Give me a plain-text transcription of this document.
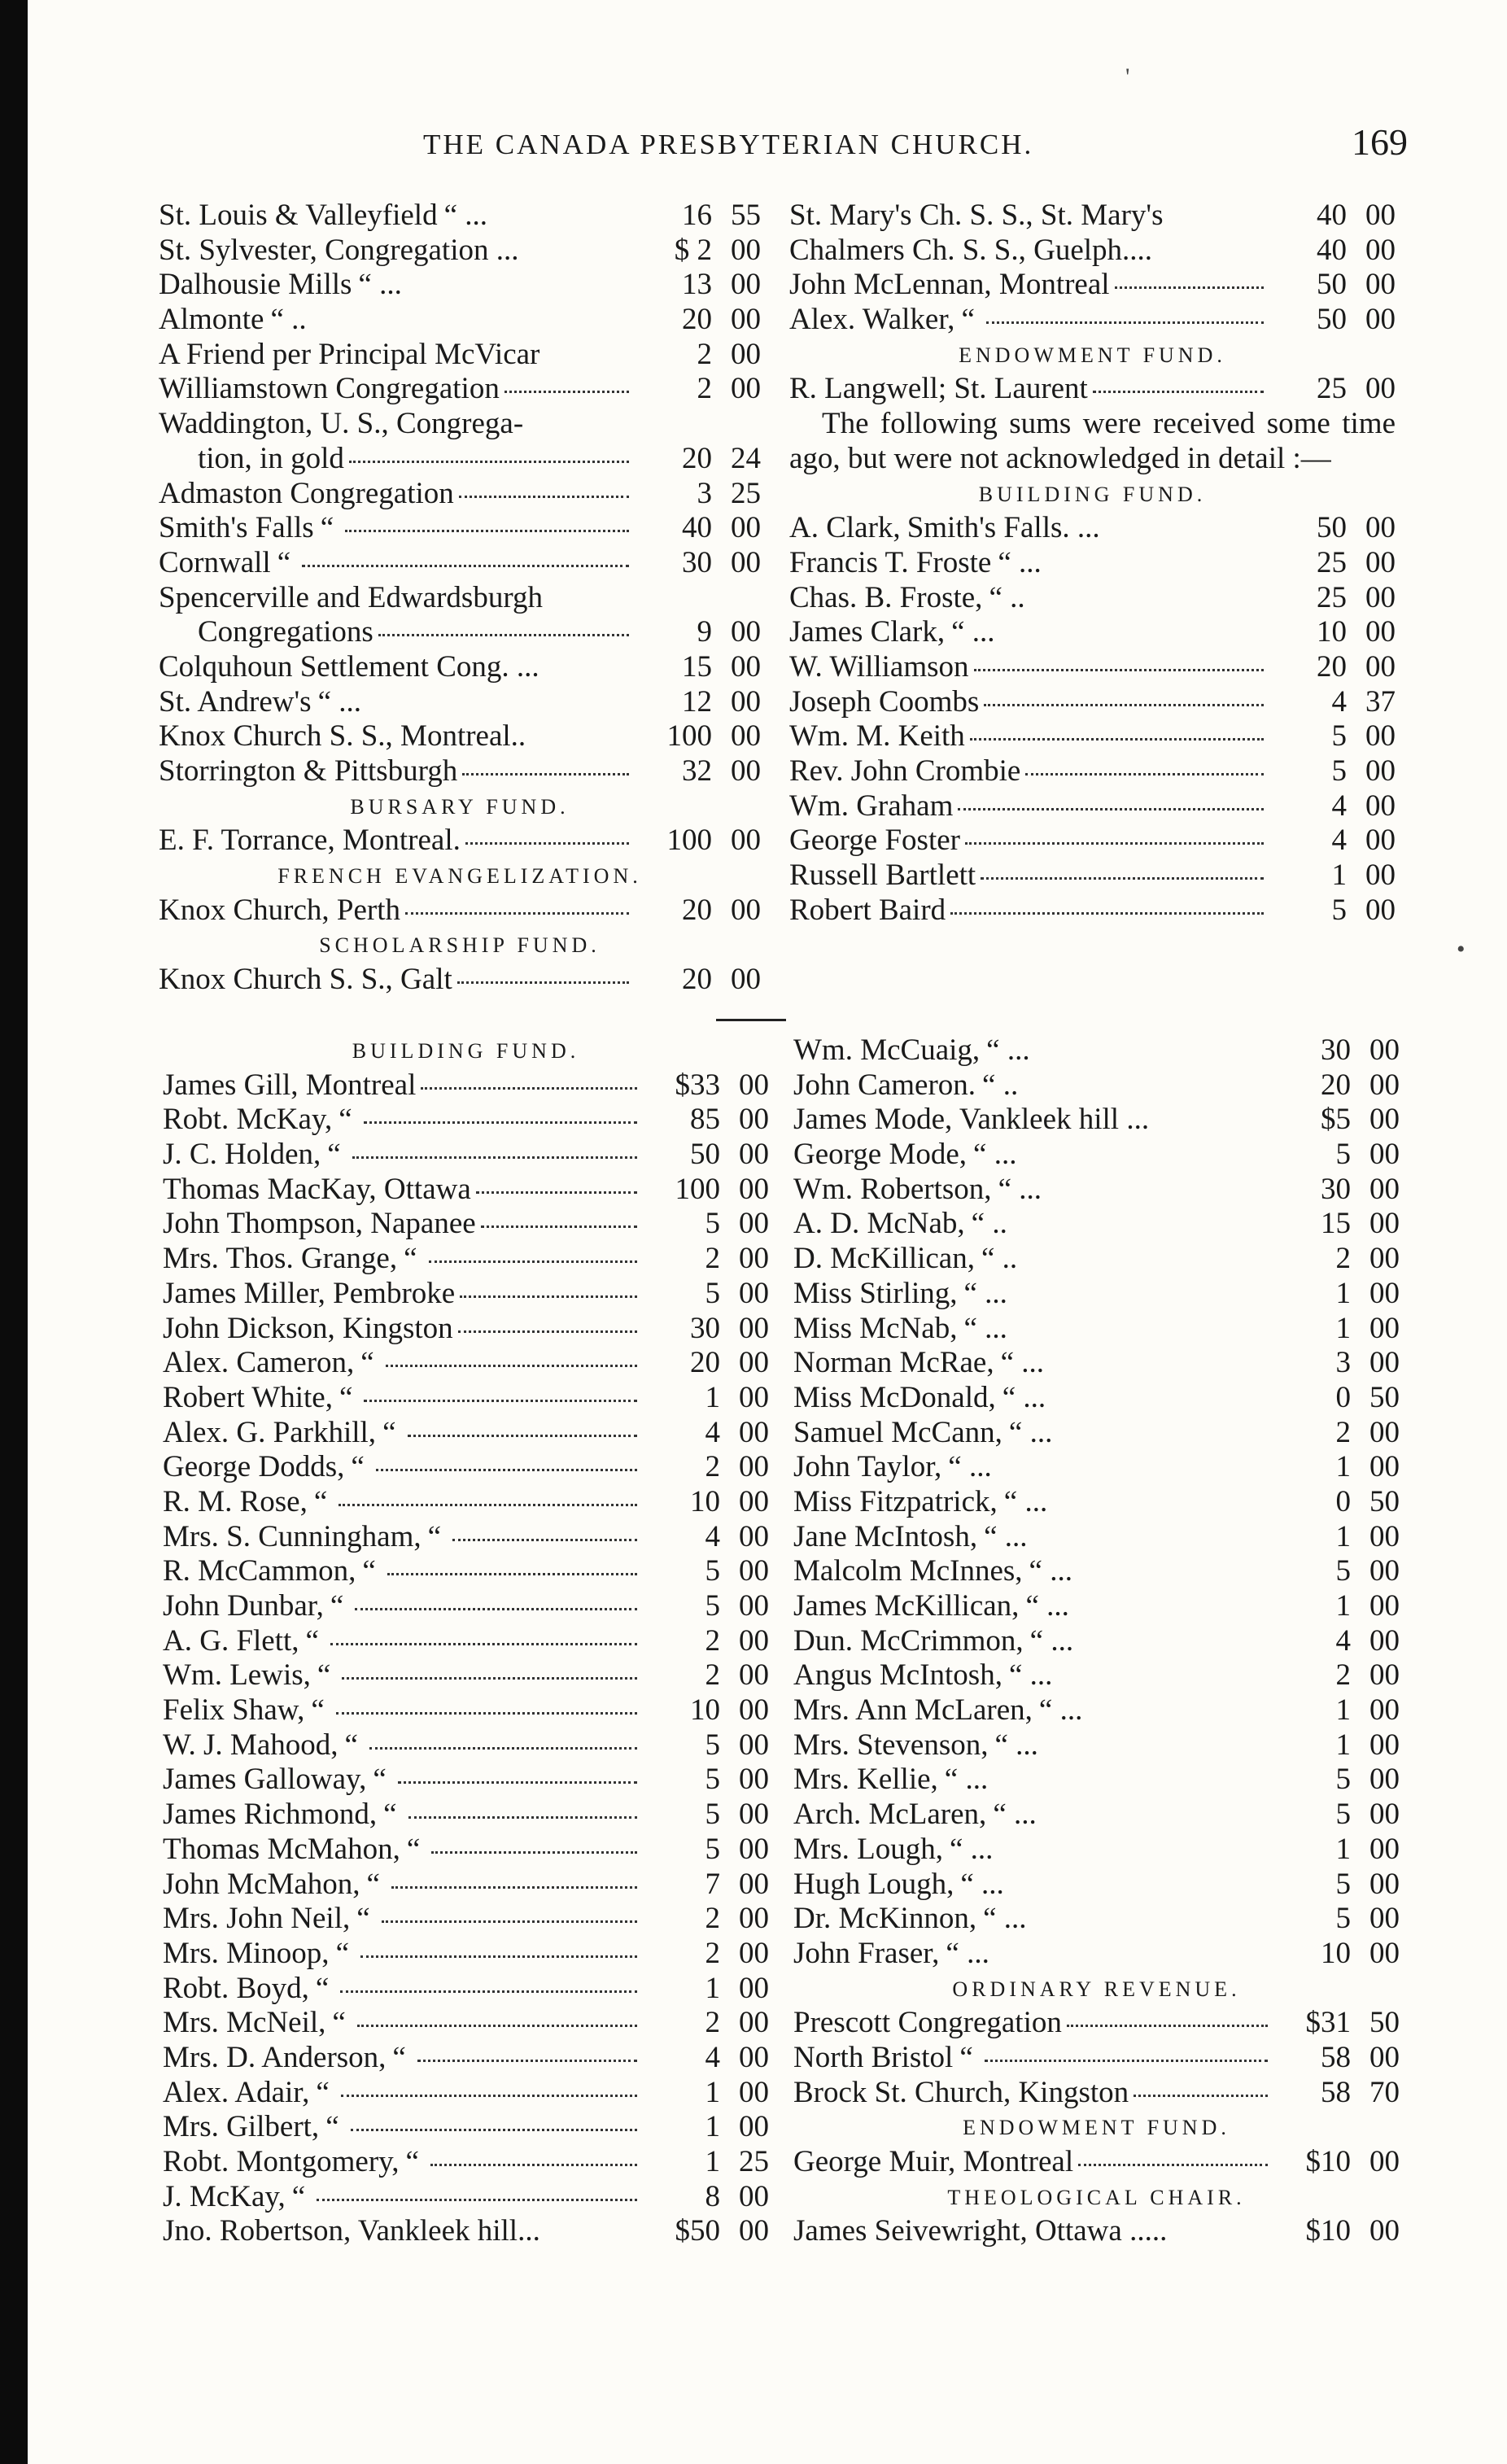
THE CANADA PRESBYTERIAN CHURCH.	169
'
•
St. Louis & Valleyfield “ ...	16 55
St. Sylvester, Congregation ...	$ 2 00
Dalhousie Mills “ ...	13 00
Almonte “ ..	20 00
A Friend per Principal McVicar	2 00
Williamstown Congregation	2 00
Waddington, U. S., Congrega-
tion, in gold	20 24
Admaston Congregation	3 25
Smith's Falls “	40 00
Cornwall “	30 00
Spencerville and Edwardsburgh
Congregations	9 00
Colquhoun Settlement Cong. ...	15 00
St. Andrew's “ ...	12 00
Knox Church S. S., Montreal..	100 00
Storrington & Pittsburgh	32 00
BURSARY FUND.
E. F. Torrance, Montreal.	100 00
FRENCH EVANGELIZATION.
Knox Church, Perth	20 00
SCHOLARSHIP FUND.
Knox Church S. S., Galt	20 00
St. Mary's Ch. S. S., St. Mary's	40 00
Chalmers Ch. S. S., Guelph....	40 00
John McLennan, Montreal	50 00
Alex. Walker, “	50 00
ENDOWMENT FUND.
R. Langwell; St. Laurent	25 00
The following sums were received some time ago, but were not acknowledged in detail :—
BUILDING FUND.
A. Clark, Smith's Falls. ...	50 00
Francis T. Froste “ ...	25 00
Chas. B. Froste, “ ..	25 00
James Clark, “ ...	10 00
W. Williamson	20 00
Joseph Coombs	4 37
Wm. M. Keith	5 00
Rev. John Crombie	5 00
Wm. Graham	4 00
George Foster	4 00
Russell Bartlett	1 00
Robert Baird	5 00
BUILDING FUND.
James Gill, Montreal	$33 00
Robt. McKay, “	85 00
J. C. Holden, “	50 00
Thomas MacKay, Ottawa	100 00
John Thompson, Napanee	5 00
Mrs. Thos. Grange, “	2 00
James Miller, Pembroke	5 00
John Dickson, Kingston	30 00
Alex. Cameron, “	20 00
Robert White, “	1 00
Alex. G. Parkhill, “	4 00
George Dodds, “	2 00
R. M. Rose, “	10 00
Mrs. S. Cunningham, “	4 00
R. McCammon, “	5 00
John Dunbar, “	5 00
A. G. Flett, “	2 00
Wm. Lewis, “	2 00
Felix Shaw, “	10 00
W. J. Mahood, “	5 00
James Galloway, “	5 00
James Richmond, “	5 00
Thomas McMahon, “	5 00
John McMahon, “	7 00
Mrs. John Neil, “	2 00
Mrs. Minoop, “	2 00
Robt. Boyd, “	1 00
Mrs. McNeil, “	2 00
Mrs. D. Anderson, “	4 00
Alex. Adair, “	1 00
Mrs. Gilbert, “	1 00
Robt. Montgomery, “	1 25
J. McKay, “	8 00
Jno. Robertson, Vankleek hill...	$50 00
Wm. McCuaig, “ ...	30 00
John Cameron. “ ..	20 00
James Mode, Vankleek hill ...	$5 00
George Mode, “ ...	5 00
Wm. Robertson, “ ...	30 00
A. D. McNab, “ ..	15 00
D. McKillican, “ ..	2 00
Miss Stirling, “ ...	1 00
Miss McNab, “ ...	1 00
Norman McRae, “ ...	3 00
Miss McDonald, “ ...	0 50
Samuel McCann, “ ...	2 00
John Taylor, “ ...	1 00
Miss Fitzpatrick, “ ...	0 50
Jane McIntosh, “ ...	1 00
Malcolm McInnes, “ ...	5 00
James McKillican, “ ...	1 00
Dun. McCrimmon, “ ...	4 00
Angus McIntosh, “ ...	2 00
Mrs. Ann McLaren, “ ...	1 00
Mrs. Stevenson, “ ...	1 00
Mrs. Kellie, “ ...	5 00
Arch. McLaren, “ ...	5 00
Mrs. Lough, “ ...	1 00
Hugh Lough, “ ...	5 00
Dr. McKinnon, “ ...	5 00
John Fraser, “ ...	10 00
ORDINARY REVENUE.
Prescott Congregation	$31 50
North Bristol “	58 00
Brock St. Church, Kingston	58 70
ENDOWMENT FUND.
George Muir, Montreal	$10 00
THEOLOGICAL CHAIR.
James Seivewright, Ottawa .....	$10 00
